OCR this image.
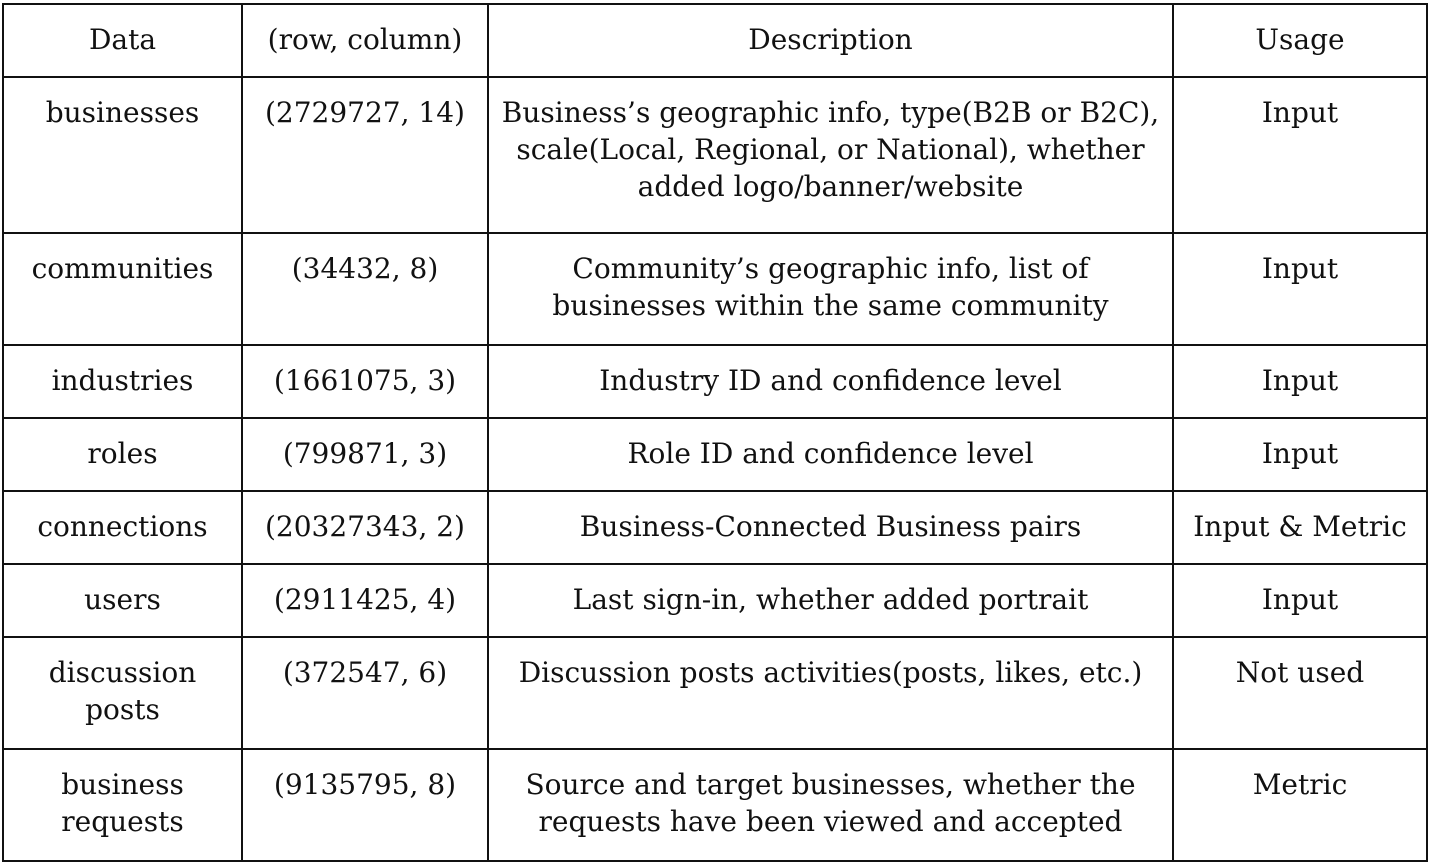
Data	(row, column)	Description	Usage
businesses	(2729727, 14)	Business’s geographic info, type(B2B or B2C), scale(Local, Regional, or National), whether added logo/banner/website	Input
communities	(34432, 8)	Community’s geographic info, list of businesses within the same community	Input
industries	(1661075, 3)	Industry ID and confidence level	Input
roles	(799871, 3)	Role ID and confidence level	Input
connections	(20327343, 2)	Business-Connected Business pairs	Input & Metric
users	(2911425, 4)	Last sign-in, whether added portrait	Input
discussion posts	(372547, 6)	Discussion posts activities(posts, likes, etc.)	Not used
business requests	(9135795, 8)	Source and target businesses, whether the requests have been viewed and accepted	Metric
